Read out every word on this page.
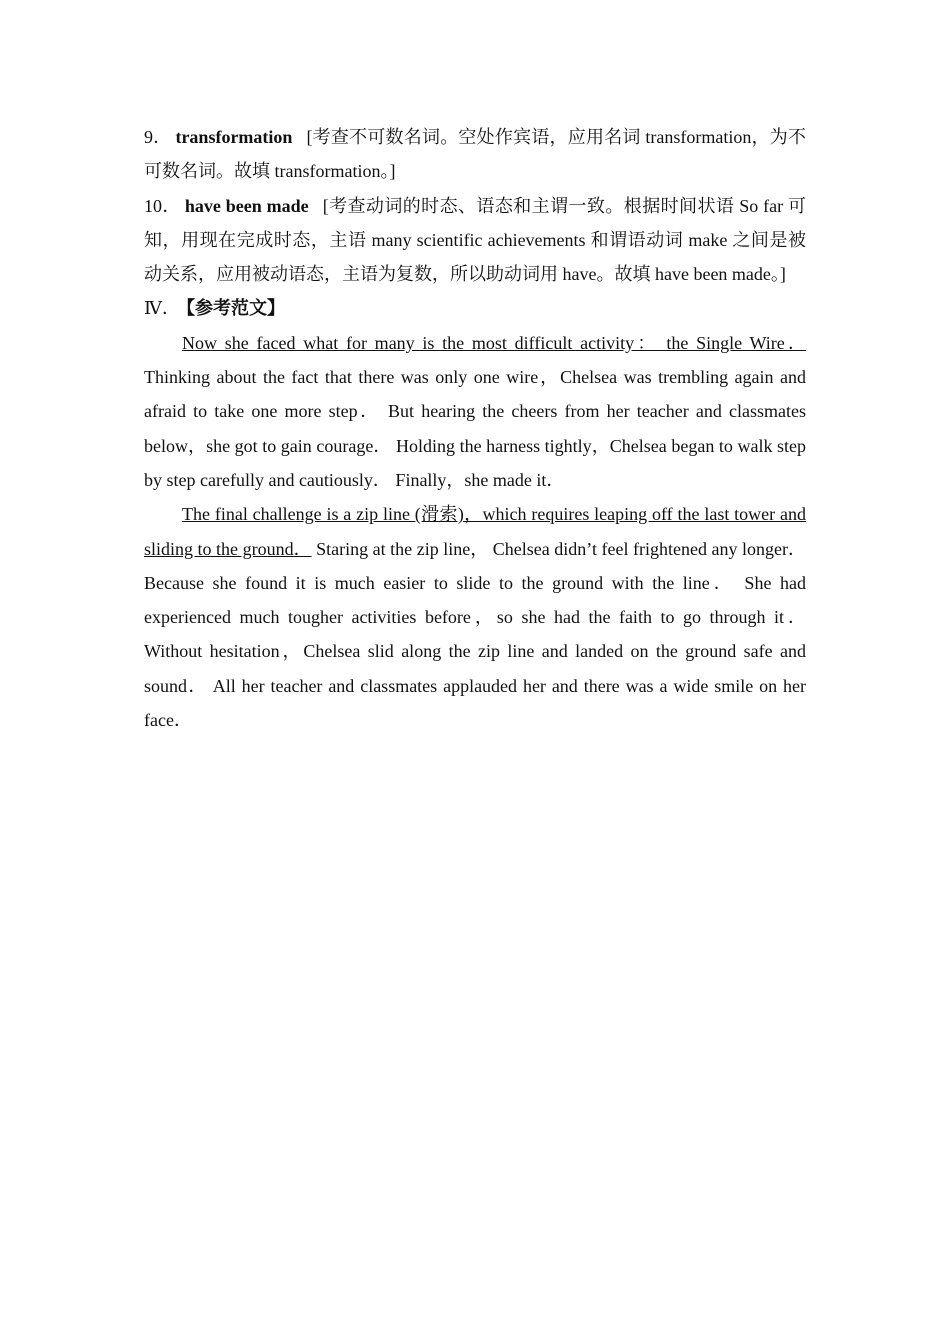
9． transformation [考查不可数名词。空处作宾语，应用名词 transformation，为不可数名词。故填 transformation。]

10． have been made [考查动词的时态、语态和主谓一致。根据时间状语 So far 可知，用现在完成时态，主语 many scientific achievements 和谓语动词 make 之间是被动关系，应用被动语态，主语为复数，所以助动词用 have。故填 have been made。]

Ⅳ． 【参考范文】

Now she faced what for many is the most difficult activity： the Single Wire． Thinking about the fact that there was only one wire，Chelsea was trembling again and afraid to take one more step． But hearing the cheers from her teacher and classmates below，she got to gain courage． Holding the harness tightly，Chelsea began to walk step by step carefully and cautiously． Finally，she made it．

The final challenge is a zip line (滑索)，which requires leaping off the last tower and sliding to the ground． Staring at the zip line， Chelsea didn’t feel frightened any longer． Because she found it is much easier to slide to the ground with the line． She had experienced much tougher activities before，so she had the faith to go through it． Without hesitation，Chelsea slid along the zip line and landed on the ground safe and sound． All her teacher and classmates applauded her and there was a wide smile on her face．
